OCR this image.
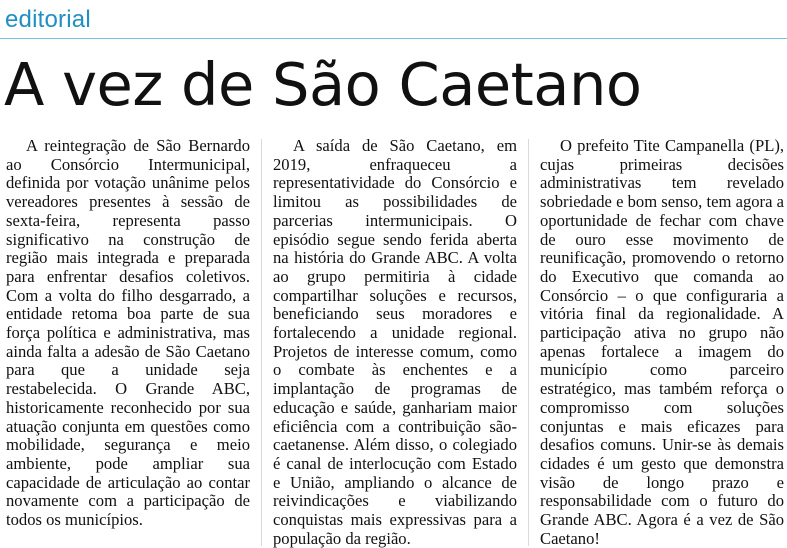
editorial
A vez de São Caetano

A reintegração de São Bernardo ao Consórcio Intermunicipal, definida por votação unânime pelos vereadores presentes à sessão de sexta-feira, representa passo significativo na construção de região mais integrada e preparada para enfrentar desafios coletivos. Com a volta do filho desgarrado, a entidade retoma boa parte de sua força política e administrativa, mas ainda falta a adesão de São Caetano para que a unidade seja restabelecida. O Grande ABC, historicamente reconhecido por sua atuação conjunta em questões como mobilidade, segurança e meio ambiente, pode ampliar sua capacidade de articulação ao contar novamente com a participação de todos os municípios.

A saída de São Caetano, em 2019, enfraqueceu a representatividade do Consórcio e limitou as possibilidades de parcerias intermunicipais. O episódio segue sendo ferida aberta na história do Grande ABC. A volta ao grupo permitiria à cidade compartilhar soluções e recursos, beneficiando seus moradores e fortalecendo a unidade regional. Projetos de interesse comum, como o combate às enchentes e a implantação de programas de educação e saúde, ganhariam maior eficiência com a contribuição são-caetanense. Além disso, o colegiado é canal de interlocução com Estado e União, ampliando o alcance de reivindicações e viabilizando conquistas mais expressivas para a população da região.

O prefeito Tite Campanella (PL), cujas primeiras decisões administrativas tem revelado sobriedade e bom senso, tem agora a oportunidade de fechar com chave de ouro esse movimento de reunificação, promovendo o retorno do Executivo que comanda ao Consórcio – o que configuraria a vitória final da regionalidade. A participação ativa no grupo não apenas fortalece a imagem do município como parceiro estratégico, mas também reforça o compromisso com soluções conjuntas e mais eficazes para desafios comuns. Unir-se às demais cidades é um gesto que demonstra visão de longo prazo e responsabilidade com o futuro do Grande ABC. Agora é a vez de São Caetano!
